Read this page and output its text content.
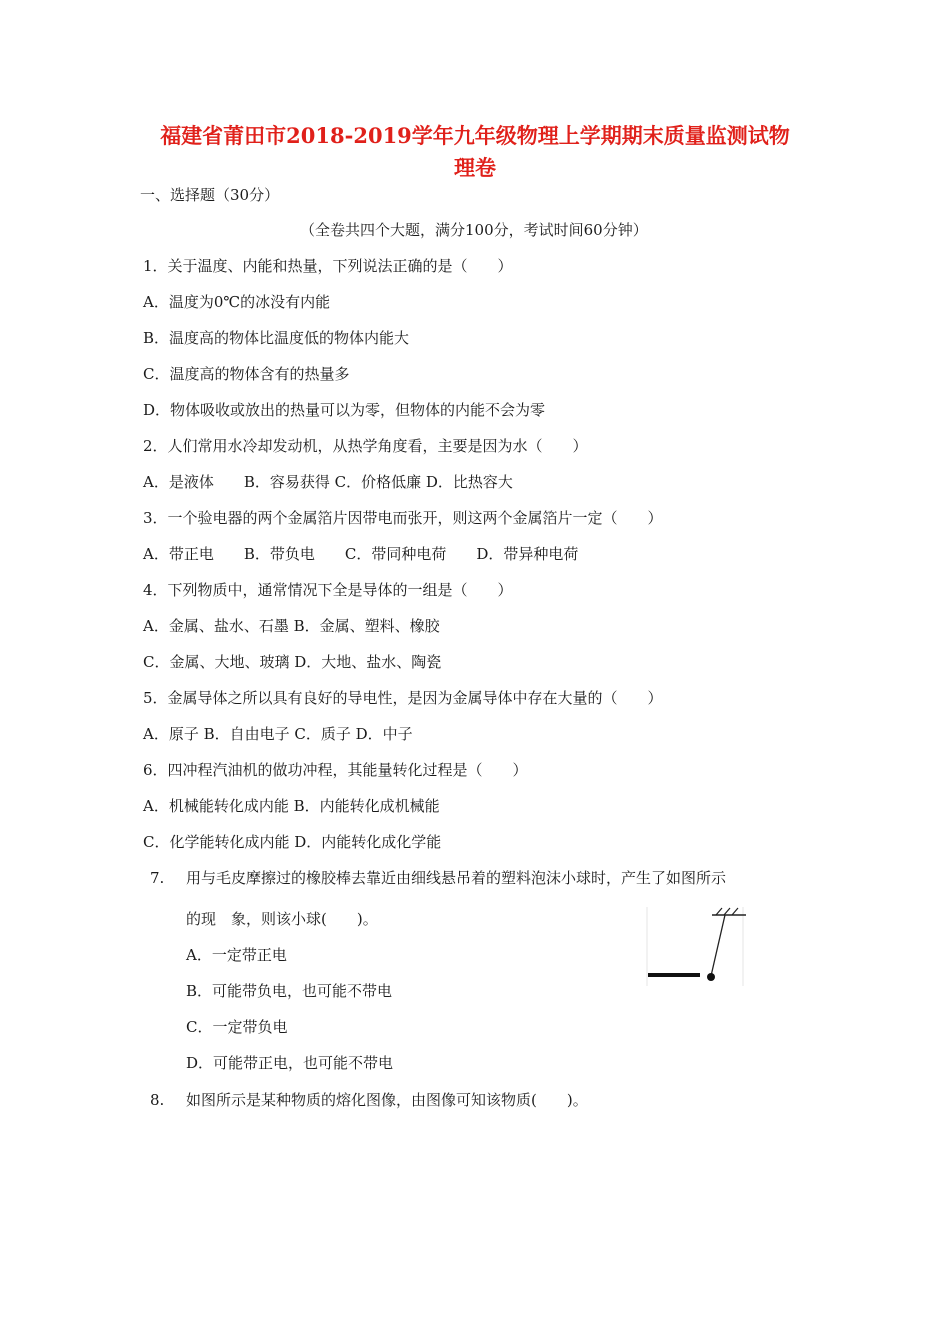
福建省莆田市2018-2019学年九年级物理上学期期末质量监测试物
理卷
一、选择题（30分）
（全卷共四个大题，满分100分，考试时间60分钟）
1．关于温度、内能和热量，下列说法正确的是（　　）
A．温度为0℃的冰没有内能
B．温度高的物体比温度低的物体内能大
C．温度高的物体含有的热量多
D．物体吸收或放出的热量可以为零，但物体的内能不会为零
2．人们常用水冷却发动机，从热学角度看，主要是因为水（　　）
A．是液体　　B．容易获得 C．价格低廉 D．比热容大
3．一个验电器的两个金属箔片因带电而张开，则这两个金属箔片一定（　　）
A．带正电　　B．带负电　　C．带同种电荷　　D．带异种电荷
4．下列物质中，通常情况下全是导体的一组是（　　）
A．金属、盐水、石墨 B．金属、塑料、橡胶
C．金属、大地、玻璃 D．大地、盐水、陶瓷
5．金属导体之所以具有良好的导电性，是因为金属导体中存在大量的（　　）
A．原子 B．自由电子 C．质子 D．中子
6．四冲程汽油机的做功冲程，其能量转化过程是（　　）
A．机械能转化成内能 B．内能转化成机械能
C．化学能转化成内能 D．内能转化成化学能
7. 用与毛皮摩擦过的橡胶棒去靠近由细线悬吊着的塑料泡沫小球时，产生了如图所示
的现　象，则该小球(　　)。
A．一定带正电
B．可能带负电，也可能不带电
C．一定带负电
D．可能带正电，也可能不带电
8. 如图所示是某种物质的熔化图像，由图像可知该物质(　　)。
